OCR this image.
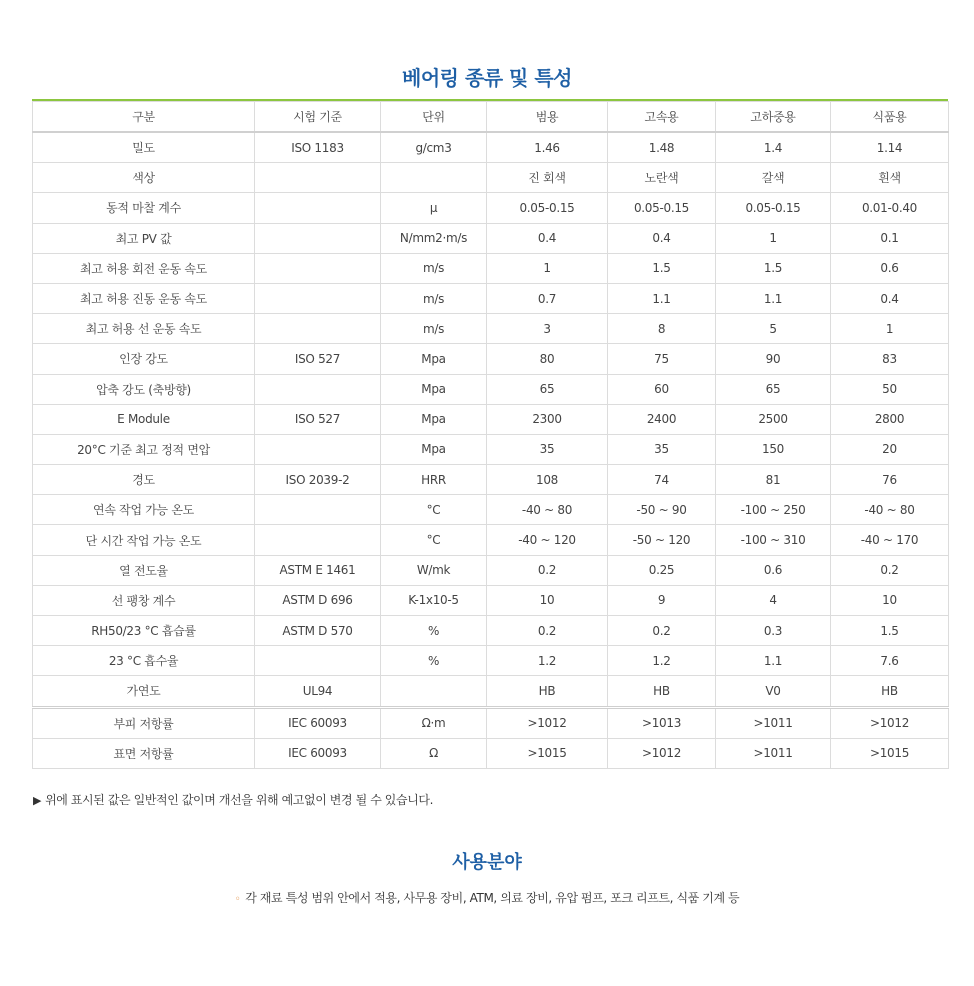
베어링 종류 및 특성
구분	시험 기준	단위	범용	고속용	고하중용	식품용
밀도	ISO 1183	g/cm3	1.46	1.48	1.4	1.14
색상			진 회색	노란색	갈색	흰색
동적 마찰 계수		μ	0.05-0.15	0.05-0.15	0.05-0.15	0.01-0.40
최고 PV 값		N/mm2·m/s	0.4	0.4	1	0.1
최고 허용 회전 운동 속도		m/s	1	1.5	1.5	0.6
최고 허용 진동 운동 속도		m/s	0.7	1.1	1.1	0.4
최고 허용 선 운동 속도		m/s	3	8	5	1
인장 강도	ISO 527	Mpa	80	75	90	83
압축 강도 (축방향)		Mpa	65	60	65	50
E Module	ISO 527	Mpa	2300	2400	2500	2800
20°C 기준 최고 정적 면압		Mpa	35	35	150	20
경도	ISO 2039-2	HRR	108	74	81	76
연속 작업 가능 온도		°C	-40 ~ 80	-50 ~ 90	-100 ~ 250	-40 ~ 80
단 시간 작업 가능 온도		°C	-40 ~ 120	-50 ~ 120	-100 ~ 310	-40 ~ 170
열 전도율	ASTM E 1461	W/mk	0.2	0.25	0.6	0.2
선 팽창 계수	ASTM D 696	K-1x10-5	10	9	4	10
RH50/23 °C 흡습률	ASTM D 570	%	0.2	0.2	0.3	1.5
23 °C 흡수율		%	1.2	1.2	1.1	7.6
가연도	UL94		HB	HB	V0	HB
부피 저항률	IEC 60093	Ω·m	>1012	>1013	>1011	>1012
표면 저항률	IEC 60093	Ω	>1015	>1012	>1011	>1015
▶ 위에 표시된 값은 일반적인 값이며 개선을 위해 예고없이 변경 될 수 있습니다.
사용분야
◦ 각 재료 특성 범위 안에서 적용, 사무용 장비, ATM, 의료 장비, 유압 펌프, 포크 리프트, 식품 기계 등
